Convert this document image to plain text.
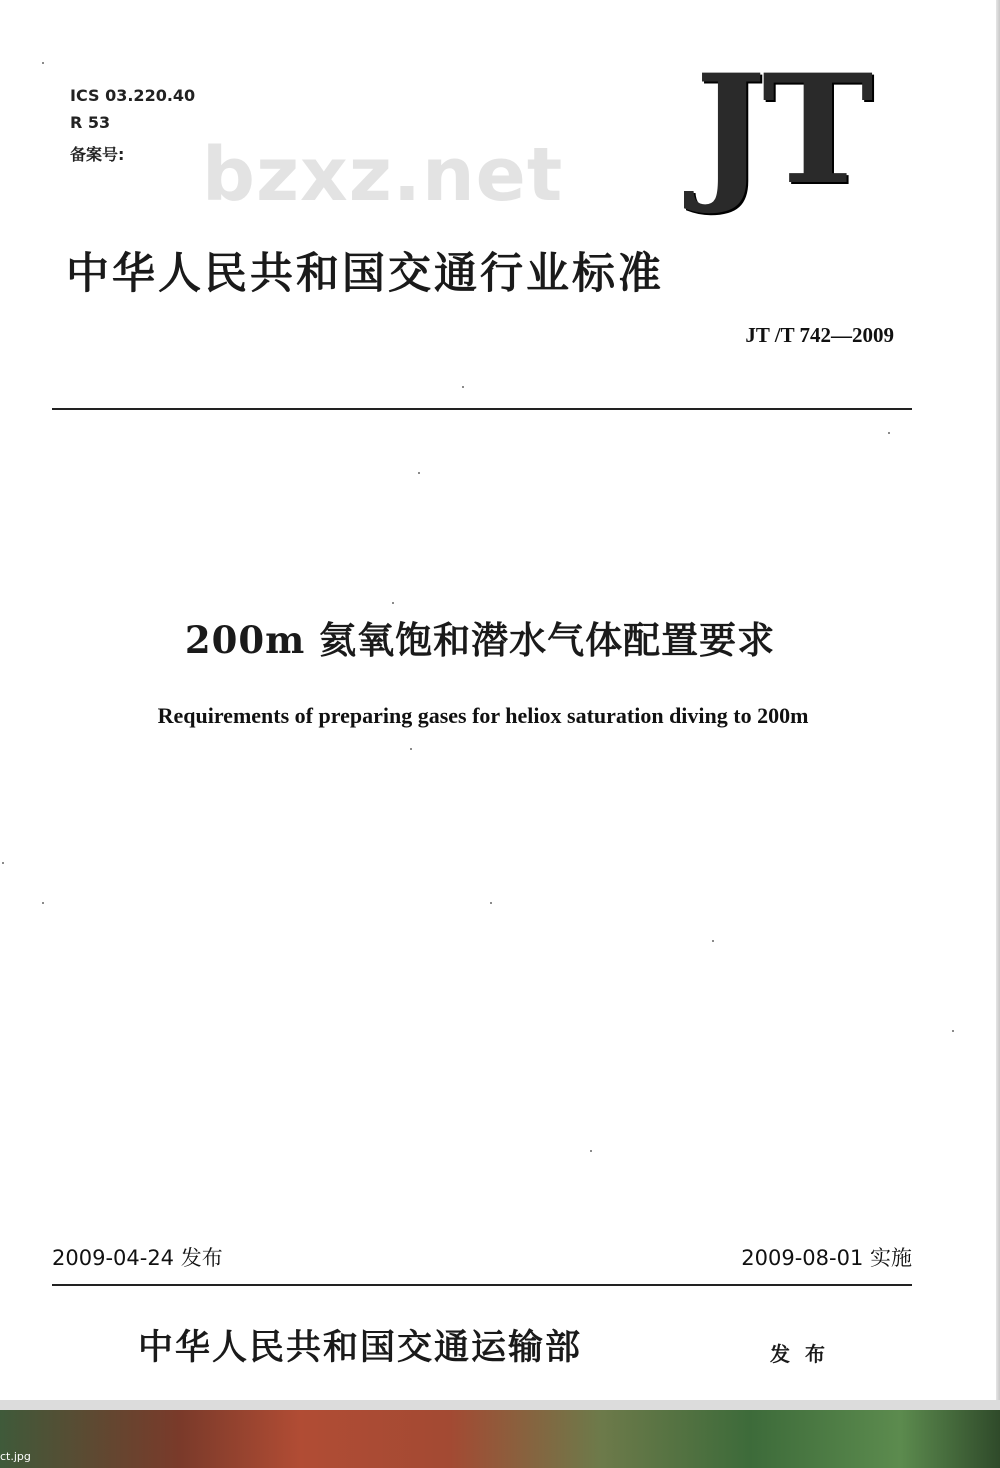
ICS 03.220.40
R 53
备案号: bzxz.net JT
中华人民共和国交通行业标准
JT /T 742—2009
200m 氦氧饱和潜水气体配置要求
Requirements of preparing gases for heliox saturation diving to 200m
2009-04-24 发布	2009-08-01 实施
中华人民共和国交通运输部	发 布
ct.jpg
